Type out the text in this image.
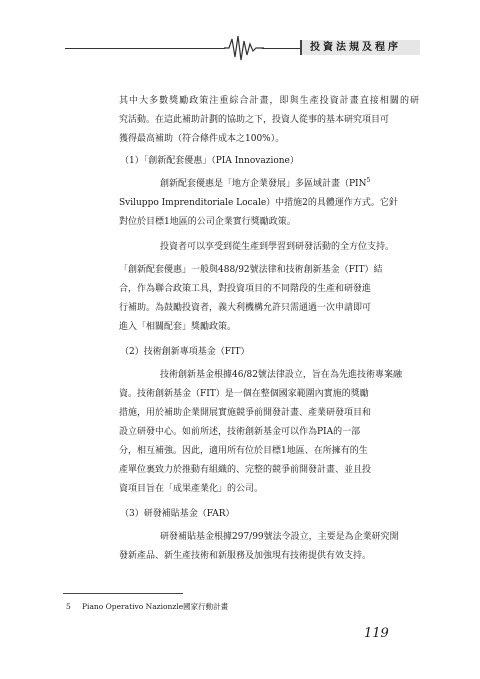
投資法規及程序
其中大多數獎勵政策注重綜合計畫，即與生產投資計畫直接相關的研
究活動。在這此補助計劃的協助之下，投資人從事的基本研究項目可
獲得最高補助（符合條件成本之100%）。
（1）「創新配套優惠」（PIA Innovazione）
創新配套優惠是「地方企業發展」多區域計畫（PIN$^5$
Sviluppo Imprenditoriale Locale）中措施2的具體運作方式。它針
對位於目標1地區的公司企業實行獎勵政策。
投資者可以享受到從生產到學習到研發活動的全方位支持。
「創新配套優惠」一般與488/92號法律和技術創新基金（FIT）結
合，作為聯合政策工具，對投資項目的不同階段的生產和研發進
行補助。為鼓勵投資者，義大利機構允許只需通過一次申請即可
進入「相關配套」獎勵政策。
（2）技術創新專項基金（FIT）
技術創新基金根據46/82號法律設立，旨在為先進技術專案融
資。技術創新基金（FIT）是一個在整個國家範圍內實施的獎勵
措施，用於補助企業開展實施競爭前開發計畫、產業研發項目和
設立研發中心。如前所述，技術創新基金可以作為PIA的一部
分，相互補強。因此，適用所有位於目標1地區、在所擁有的生
產單位裏致力於推動有組織的、完整的競爭前開發計畫、並且投
資項目旨在「成果產業化」的公司。
（3）研發補貼基金（FAR）
研發補貼基金根據297/99號法令設立，主要是為企業研究開
發新產品、新生產技術和新服務及加強現有技術提供有效支持。
5 Piano Operativo Nazionzle國家行動計畫
119
